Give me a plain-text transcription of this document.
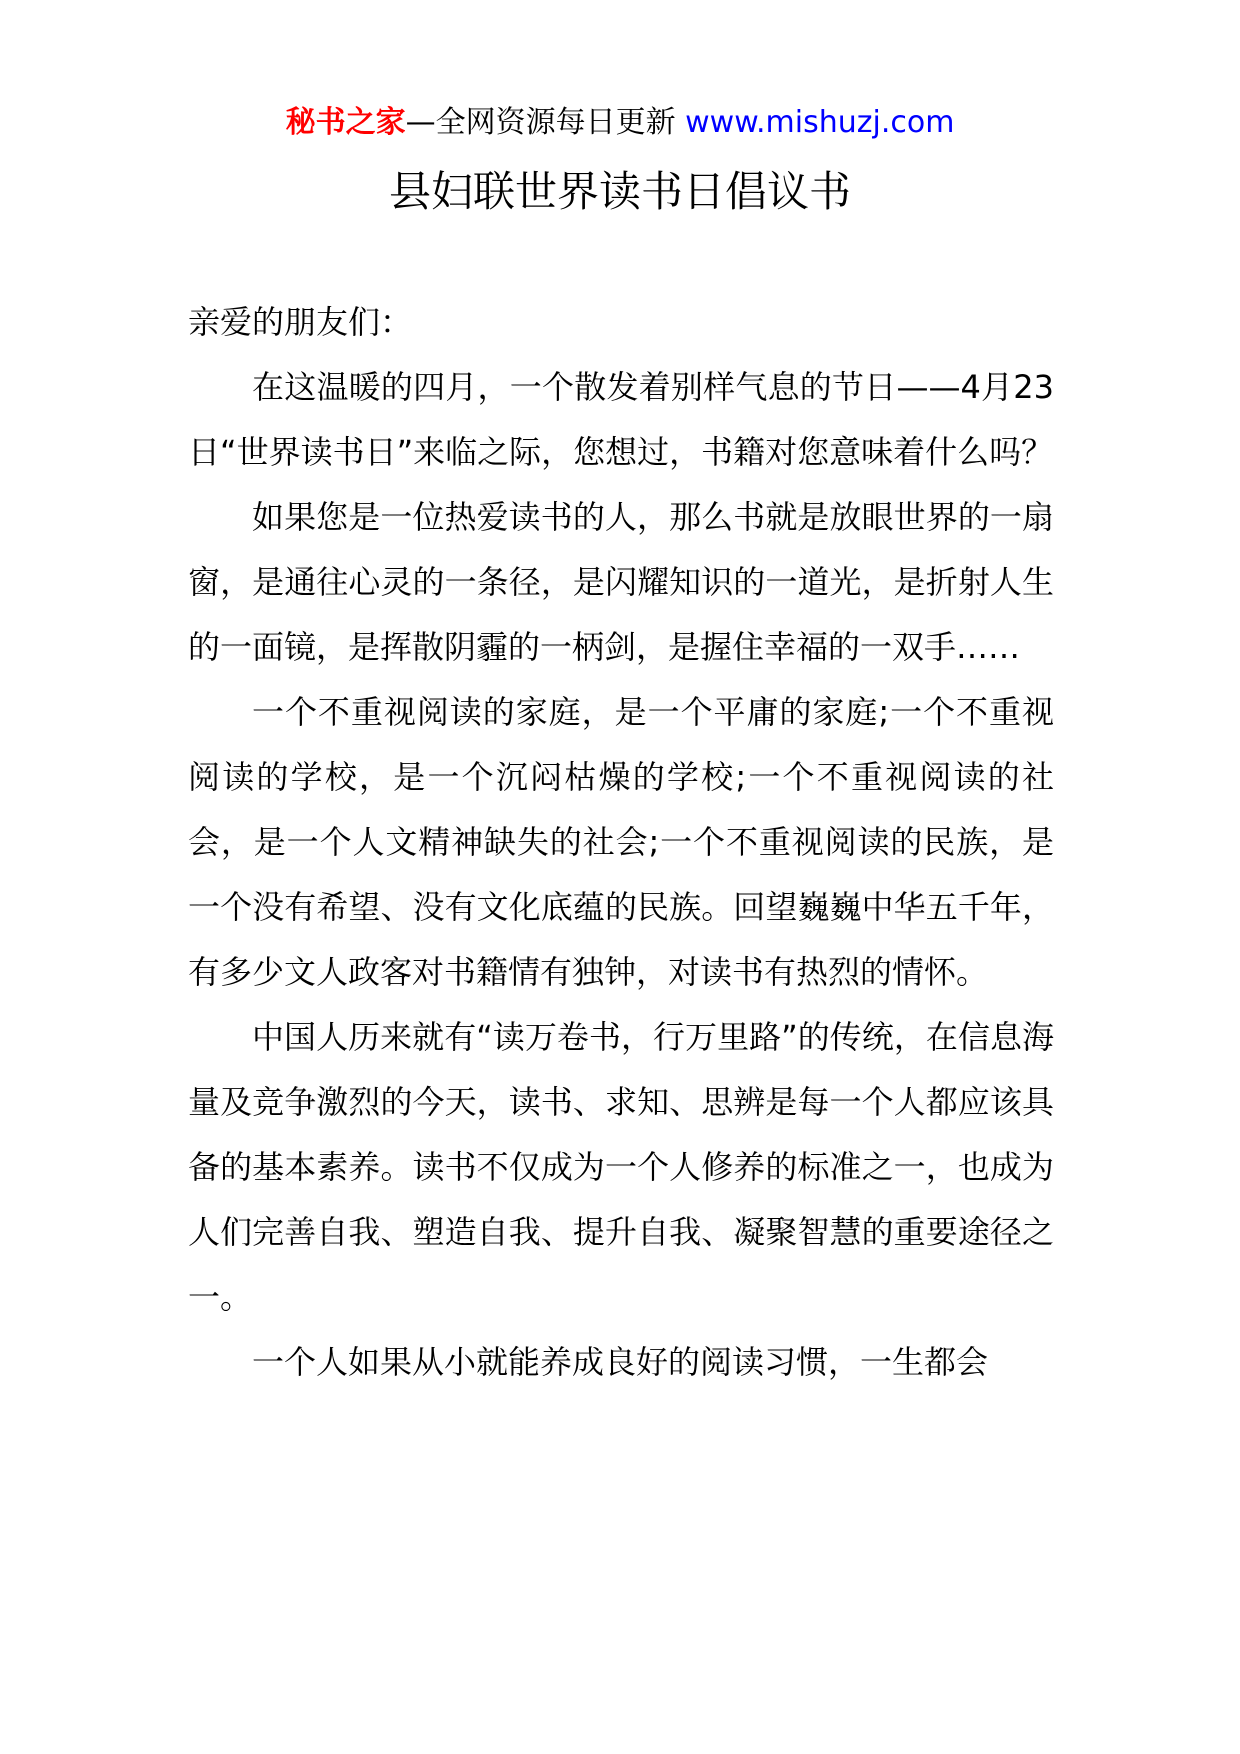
秘书之家—全网资源每日更新 www.mishuzj.com
县妇联世界读书日倡议书

亲爱的朋友们：

在这温暖的四月，一个散发着别样气息的节日——4月23日“世界读书日”来临之际，您想过，书籍对您意味着什么吗？

如果您是一位热爱读书的人，那么书就是放眼世界的一扇窗，是通往心灵的一条径，是闪耀知识的一道光，是折射人生的一面镜，是挥散阴霾的一柄剑，是握住幸福的一双手……

一个不重视阅读的家庭，是一个平庸的家庭;一个不重视阅读的学校，是一个沉闷枯燥的学校;一个不重视阅读的社会，是一个人文精神缺失的社会;一个不重视阅读的民族，是一个没有希望、没有文化底蕴的民族。回望巍巍中华五千年，有多少文人政客对书籍情有独钟，对读书有热烈的情怀。

中国人历来就有“读万卷书，行万里路”的传统，在信息海量及竞争激烈的今天，读书、求知、思辨是每一个人都应该具备的基本素养。读书不仅成为一个人修养的标准之一，也成为人们完善自我、塑造自我、提升自我、凝聚智慧的重要途径之一。

一个人如果从小就能养成良好的阅读习惯，一生都会
